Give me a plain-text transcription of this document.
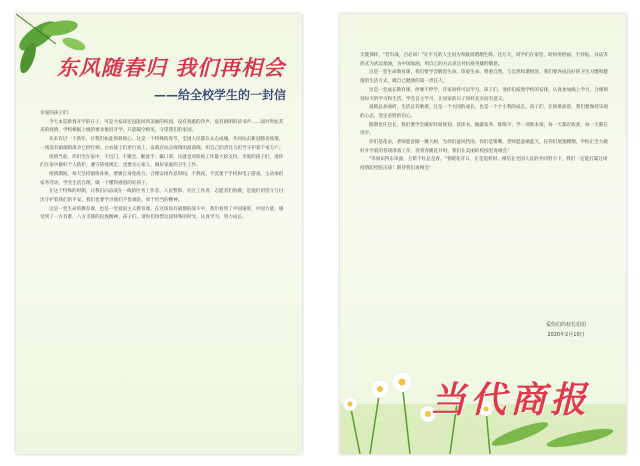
东风随春归 我们再相会
——给全校学生的一封信

亲爱的孩子们：

今天本是新春开学的日子，可是大家却还没能回到美丽的校园，没有熟悉的铃声，没有朗朗的读书声……面对突如其来的疫情，学校根据上级的要求推迟开学，只能隔空相见，守望我们的家园。

从未有过一个新年，让我们如此刻骨铭心。这是一个特殊的春节，全国人民都在众志成城，共同抗击新冠肺炎疫情。一场没有硝烟的战争已经打响，白衣战士们逆行而上，奋战在抗击疫情的最前线，用自己的责任与担当守护着千家万户。

疫情当前，你们宅在家中，不出门、不聚会、勤洗手、戴口罩，这就是对防疫工作最大的支持。亲爱的孩子们，请你们在家中做好个人防护，遵守防疫规定，也要关心家人，做好家庭的卫生工作。

疫情期间，每天坚持锻炼身体，增强自身免疫力。合理安排作息时间，不熬夜、不沉迷于手机和电子游戏，主动承担家务劳动，学会生活自理，做一个懂得感恩的好孩子。

在这个特殊的时期，让我们向奋战在一线的医务工作者、人民警察、社区工作者、志愿者们致敬，是他们用坚守与付出守护着我们的平安。我们也要学习他们不畏艰险、勇于担当的精神。

这是一堂生命的教育课，也是一堂爱国主义教育课。在这场没有硝烟的战斗中，我们看到了中国速度、中国力量，感受到了一方有难、八方支援的民族精神。孩子们，请你们珍惜这段特殊的时光，认真学习，努力成长。

天使那样，"若有战，召必回！"让平凡的人生因为奉献而熠熠生辉。这几天，同学们在家里，纷纷用绘画、手抄报、书法等形式为武汉加油，为中国加油，用自己的方式表达对抗疫英雄的敬意。

这是一堂生命教育课，我们要学会敬畏生命、珍爱生命、尊重自然，与自然和谐相处。我们要养成良好的卫生习惯和健康的生活方式，做自己健康的第一责任人。

这是一堂成长教育课，停课不停学，在家同样可以学习。孩子们，请你们按照学校的安排，认真参加线上学习，合理规划每天的学习和生活，学会自主学习，让居家的日子同样充实而有意义。

道路总多曲折，生活总有磨难。这是一个大国的成长，也是一个个小我的成长。孩子们，在困难面前，我们要保持乐观的心态，坚定必胜的信心。

假期也许还长，我们要学会做好时间规划，读读书、做做家务、练练字、学一项新本领，每一天都有收获，每一天都在进步。

你们是花朵，老师愿意做一棵大树，为你们遮风挡雨；你们是雏鹰，老师愿意做蓝天，任你们展翅翱翔。学校正全力做好开学前的各项准备工作，待到春暖花开时，我们在美丽的校园里再相会！

"等闲识得东风面，万紫千红总是春。"春暖花开日，正是返校时。相信在全国人民的共同努力下，我们一定能打赢这场疫情防控阻击战！期待我们再相会！

爱你们的校长伯伯
2020年2月10日
当代商报
